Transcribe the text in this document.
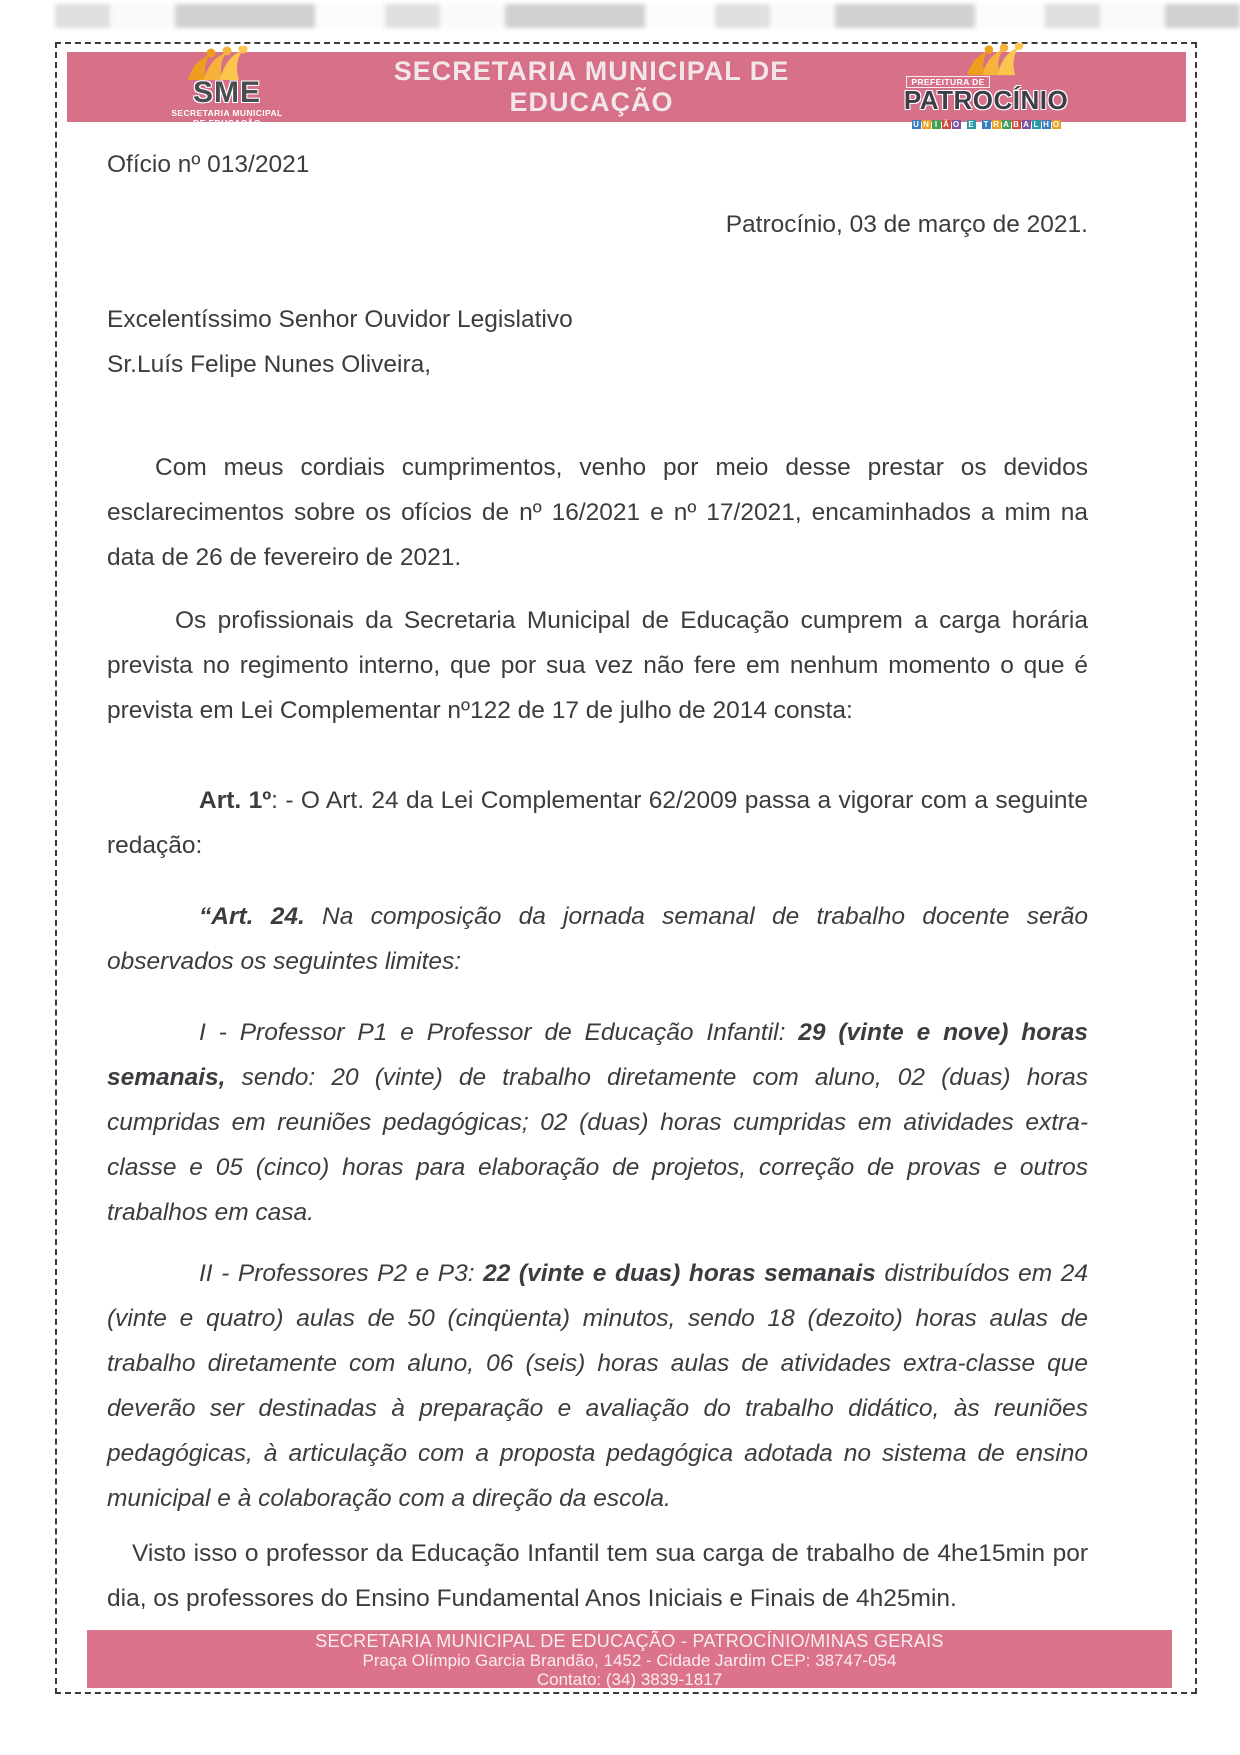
SME
SECRETARIA MUNICIPAL
DE EDUCAÇÃO
SECRETARIA MUNICIPAL DE
EDUCAÇÃO
PREFEITURA DE
PATROCÍNIO
U N I Ã O E T R A B A L H O
Ofício nº 013/2021
Patrocínio, 03 de março de 2021.
Excelentíssimo Senhor Ouvidor Legislativo
Sr.Luís Felipe Nunes Oliveira,
Com meus cordiais cumprimentos, venho por meio desse prestar os devidos esclarecimentos sobre os ofícios de nº 16/2021 e nº 17/2021, encaminhados a mim na data de 26 de fevereiro de 2021.
Os profissionais da Secretaria Municipal de Educação cumprem a carga horária prevista no regimento interno, que por sua vez não fere em nenhum momento o que é prevista em Lei Complementar nº122 de 17 de julho de 2014 consta:
Art. 1º: - O Art. 24 da Lei Complementar 62/2009 passa a vigorar com a seguinte redação:
“Art. 24. Na composição da jornada semanal de trabalho docente serão observados os seguintes limites:
I - Professor P1 e Professor de Educação Infantil: 29 (vinte e nove) horas semanais, sendo: 20 (vinte) de trabalho diretamente com aluno, 02 (duas) horas cumpridas em reuniões pedagógicas; 02 (duas) horas cumpridas em atividades extra-classe e 05 (cinco) horas para elaboração de projetos, correção de provas e outros trabalhos em casa.
II - Professores P2 e P3: 22 (vinte e duas) horas semanais distribuídos em 24 (vinte e quatro) aulas de 50 (cinqüenta) minutos, sendo 18 (dezoito) horas aulas de trabalho diretamente com aluno, 06 (seis) horas aulas de atividades extra-classe que deverão ser destinadas à preparação e avaliação do trabalho didático, às reuniões pedagógicas, à articulação com a proposta pedagógica adotada no sistema de ensino municipal e à colaboração com a direção da escola.
Visto isso o professor da Educação Infantil tem sua carga de trabalho de 4he15min por dia, os professores do Ensino Fundamental Anos Iniciais e Finais de 4h25min.
SECRETARIA MUNICIPAL DE EDUCAÇÃO - PATROCÍNIO/MINAS GERAIS
Praça Olímpio Garcia Brandão, 1452 - Cidade Jardim CEP: 38747-054
Contato: (34) 3839-1817
